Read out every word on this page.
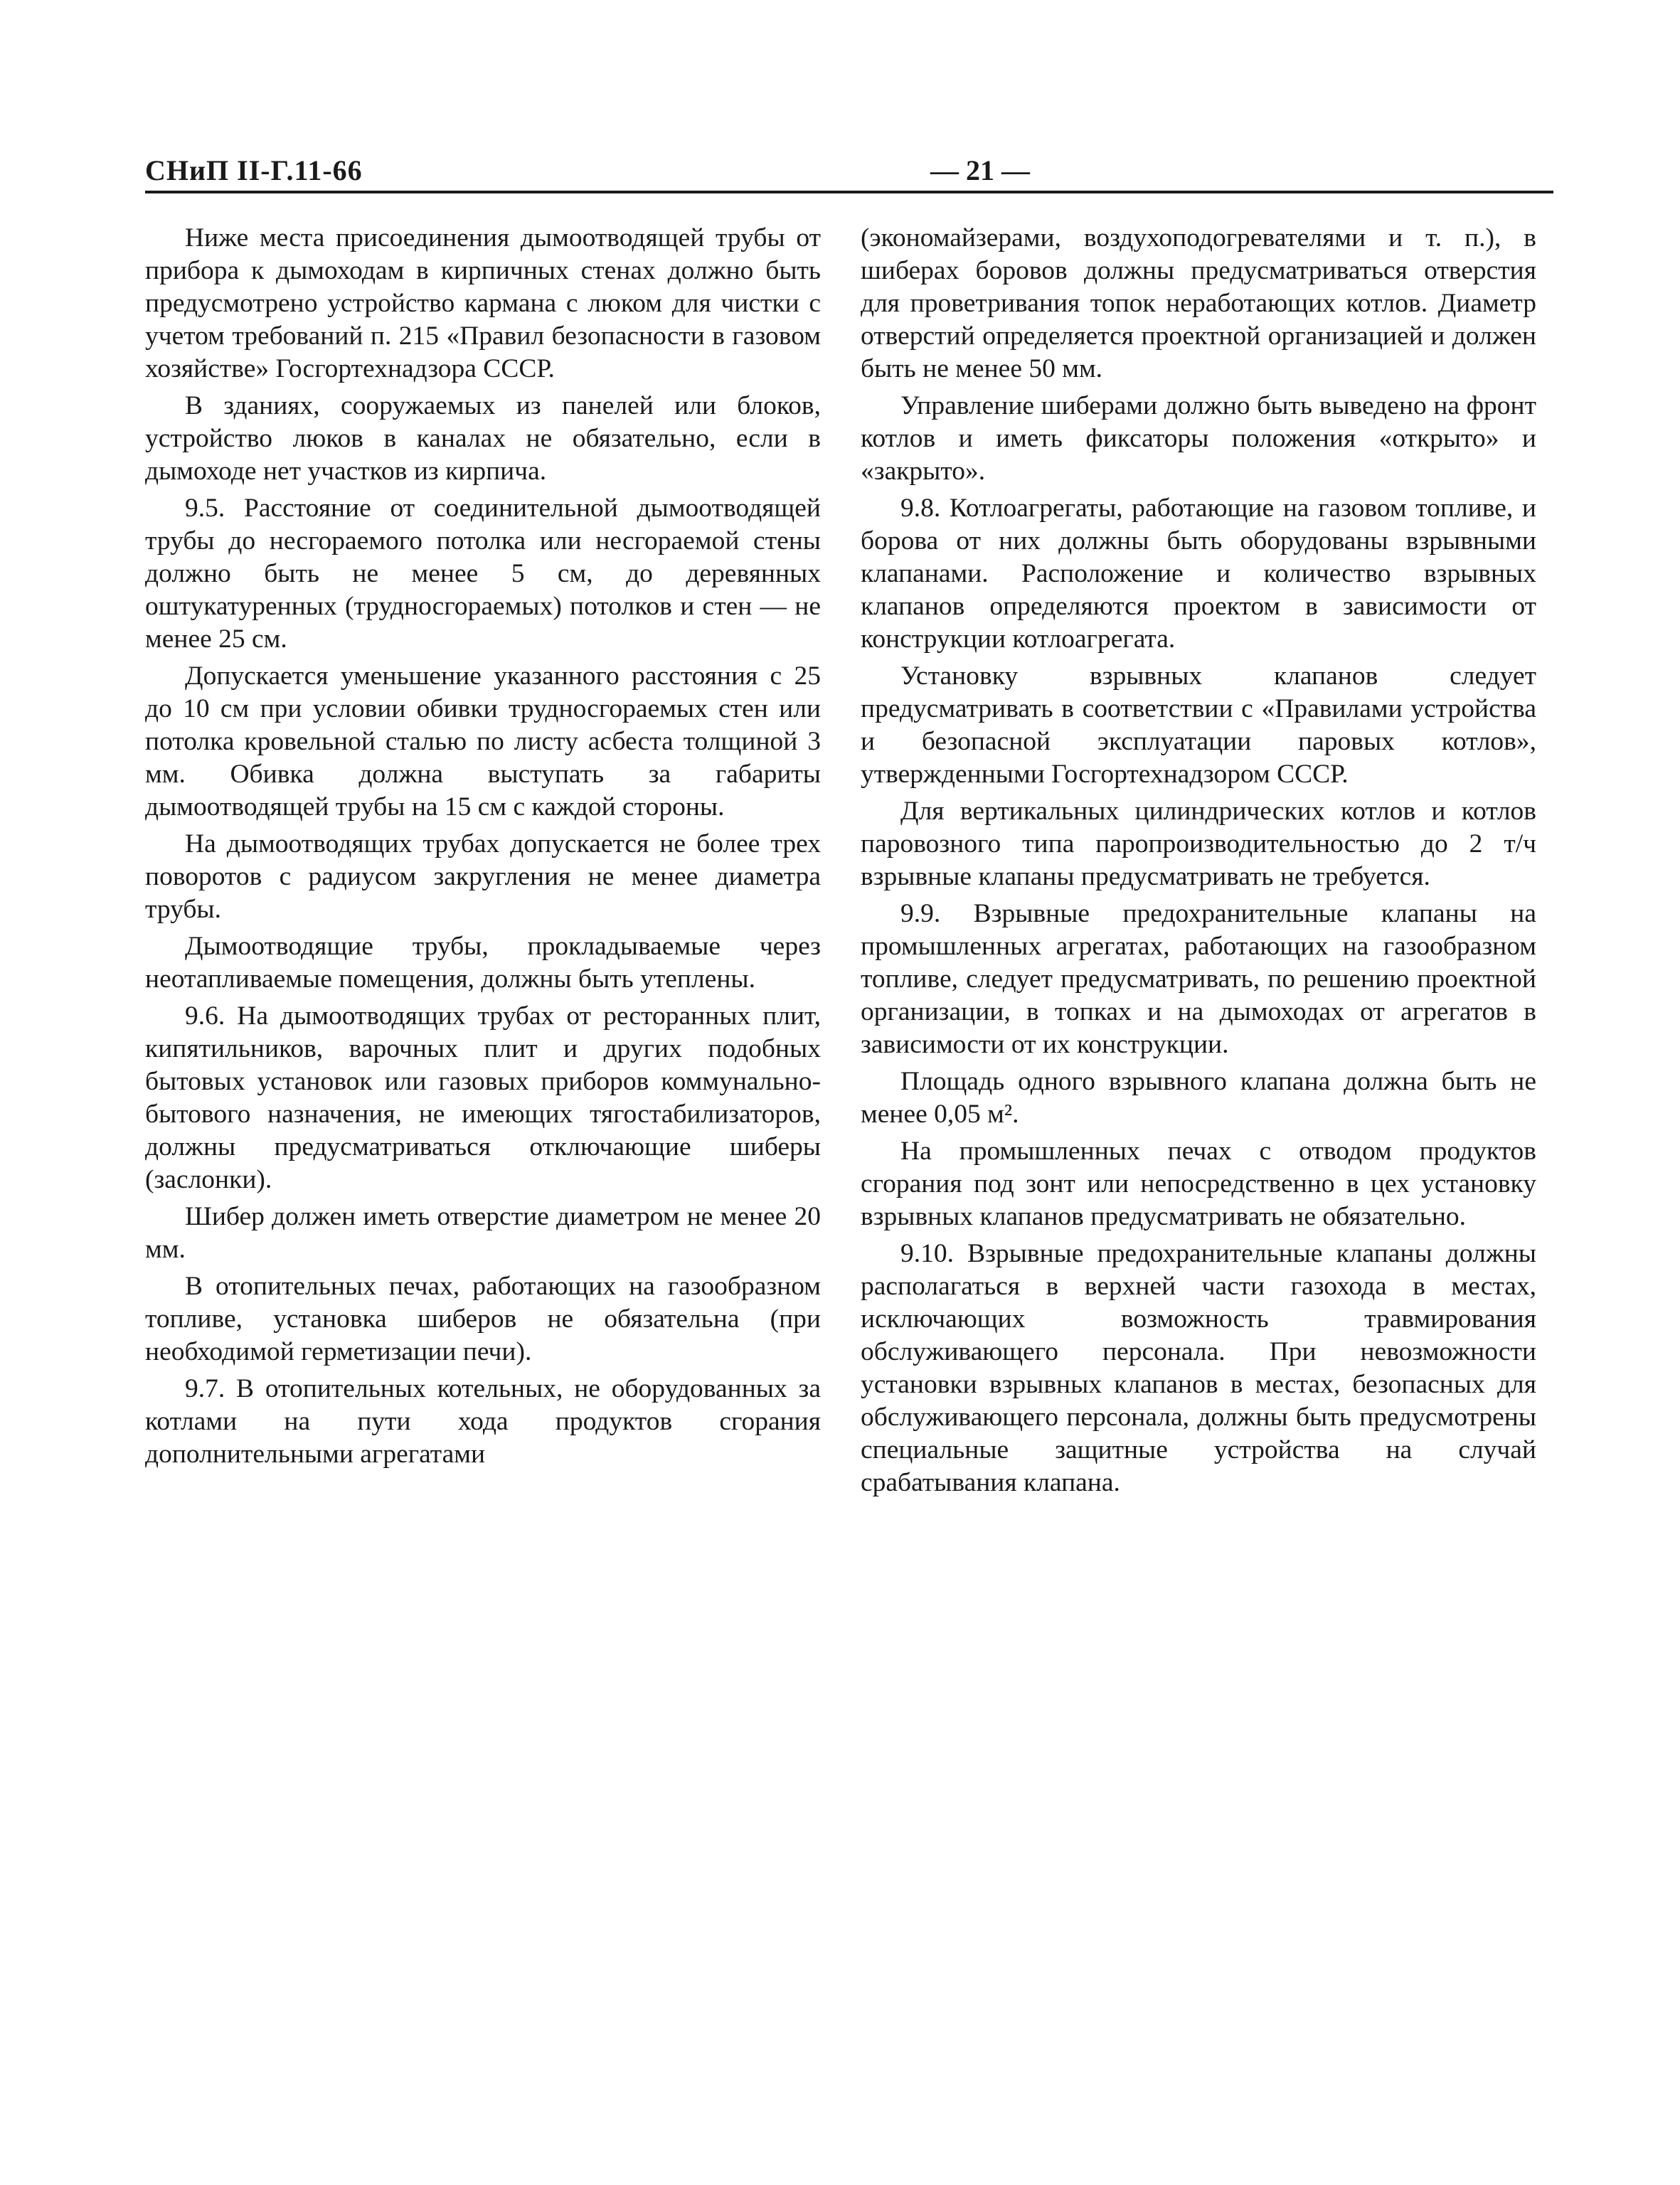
СНиП II-Г.11-66	— 21 —

Ниже места присоединения дымоотводящей трубы от прибора к дымоходам в кирпичных стенах должно быть предусмотрено устройство кармана с люком для чистки с учетом требований п. 215 «Правил безопасности в газовом хозяйстве» Госгортехнадзора СССР.

В зданиях, сооружаемых из панелей или блоков, устройство люков в каналах не обязательно, если в дымоходе нет участков из кирпича.

9.5. Расстояние от соединительной дымоотводящей трубы до несгораемого потолка или несгораемой стены должно быть не менее 5 см, до деревянных оштукатуренных (трудносгораемых) потолков и стен — не менее 25 см.

Допускается уменьшение указанного расстояния с 25 до 10 см при условии обивки трудносгораемых стен или потолка кровельной сталью по листу асбеста толщиной 3 мм. Обивка должна выступать за габариты дымоотводящей трубы на 15 см с каждой стороны.

На дымоотводящих трубах допускается не более трех поворотов с радиусом закругления не менее диаметра трубы.

Дымоотводящие трубы, прокладываемые через неотапливаемые помещения, должны быть утеплены.

9.6. На дымоотводящих трубах от ресторанных плит, кипятильников, варочных плит и других подобных бытовых установок или газовых приборов коммунально-бытового назначения, не имеющих тягостабилизаторов, должны предусматриваться отключающие шиберы (заслонки).

Шибер должен иметь отверстие диаметром не менее 20 мм.

В отопительных печах, работающих на газообразном топливе, установка шиберов не обязательна (при необходимой герметизации печи).

9.7. В отопительных котельных, не оборудованных за котлами на пути хода продуктов сгорания дополнительными агрегатами

(экономайзерами, воздухоподогревателями и т. п.), в шиберах боровов должны предусматриваться отверстия для проветривания топок неработающих котлов. Диаметр отверстий определяется проектной организацией и должен быть не менее 50 мм.

Управление шиберами должно быть выведено на фронт котлов и иметь фиксаторы положения «открыто» и «закрыто».

9.8. Котлоагрегаты, работающие на газовом топливе, и борова от них должны быть оборудованы взрывными клапанами. Расположение и количество взрывных клапанов определяются проектом в зависимости от конструкции котлоагрегата.

Установку взрывных клапанов следует предусматривать в соответствии с «Правилами устройства и безопасной эксплуатации паровых котлов», утвержденными Госгортехнадзором СССР.

Для вертикальных цилиндрических котлов и котлов паровозного типа паропроизводительностью до 2 т/ч взрывные клапаны предусматривать не требуется.

9.9. Взрывные предохранительные клапаны на промышленных агрегатах, работающих на газообразном топливе, следует предусматривать, по решению проектной организации, в топках и на дымоходах от агрегатов в зависимости от их конструкции.

Площадь одного взрывного клапана должна быть не менее 0,05 м².

На промышленных печах с отводом продуктов сгорания под зонт или непосредственно в цех установку взрывных клапанов предусматривать не обязательно.

9.10. Взрывные предохранительные клапаны должны располагаться в верхней части газохода в местах, исключающих возможность травмирования обслуживающего персонала. При невозможности установки взрывных клапанов в местах, безопасных для обслуживающего персонала, должны быть предусмотрены специальные защитные устройства на случай срабатывания клапана.
